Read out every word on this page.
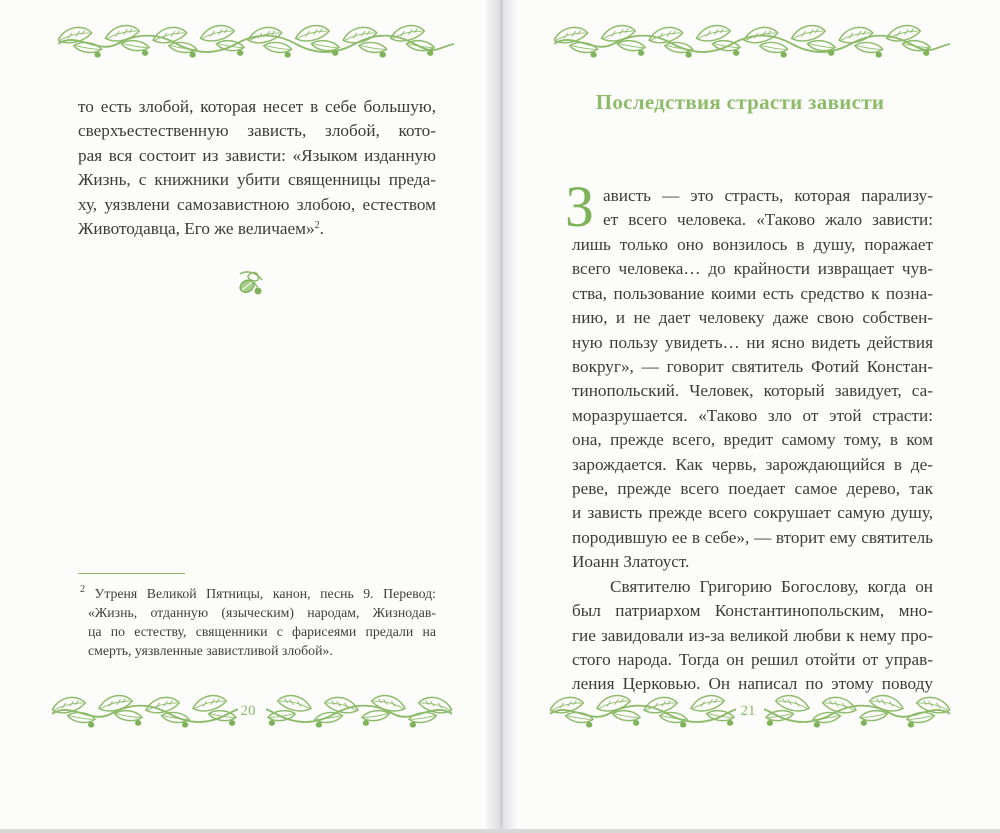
то есть злобой, которая несет в себе большую,
сверхъестественную зависть, злобой, кото-
рая вся состоит из зависти: «Языком изданную
Жизнь, с книжники убити священницы преда-
ху, уязвлени самозавистною злобою, естеством
Животодавца, Его же величаем»$^2$.
$^2$ Утреня Великой Пятницы, канон, песнь 9. Перевод:
«Жизнь, отданную (языческим) народам, Жизнодав-
ца по естеству, священники с фарисеями предали на
смерть, уязвленные завистливой злобой».
20	21
Последствия страсти зависти
З ависть — это страсть, которая парализу-
ет всего человека. «Таково жало зависти:
лишь только оно вонзилось в душу, поражает
всего человека… до крайности извращает чув-
ства, пользование коими есть средство к позна-
нию, и не дает человеку даже свою собствен-
ную пользу увидеть… ни ясно видеть действия
вокруг», — говорит святитель Фотий Констан-
тинопольский. Человек, который завидует, са-
моразрушается. «Таково зло от этой страсти:
она, прежде всего, вредит самому тому, в ком
зарождается. Как червь, зарождающийся в де-
реве, прежде всего поедает самое дерево, так
и зависть прежде всего сокрушает самую душу,
породившую ее в себе», — вторит ему святитель
Иоанн Златоуст.
Святителю Григорию Богослову, когда он
был патриархом Константинопольским, мно-
гие завидовали из-за великой любви к нему про-
стого народа. Тогда он решил отойти от управ-
ления Церковью. Он написал по этому поводу
